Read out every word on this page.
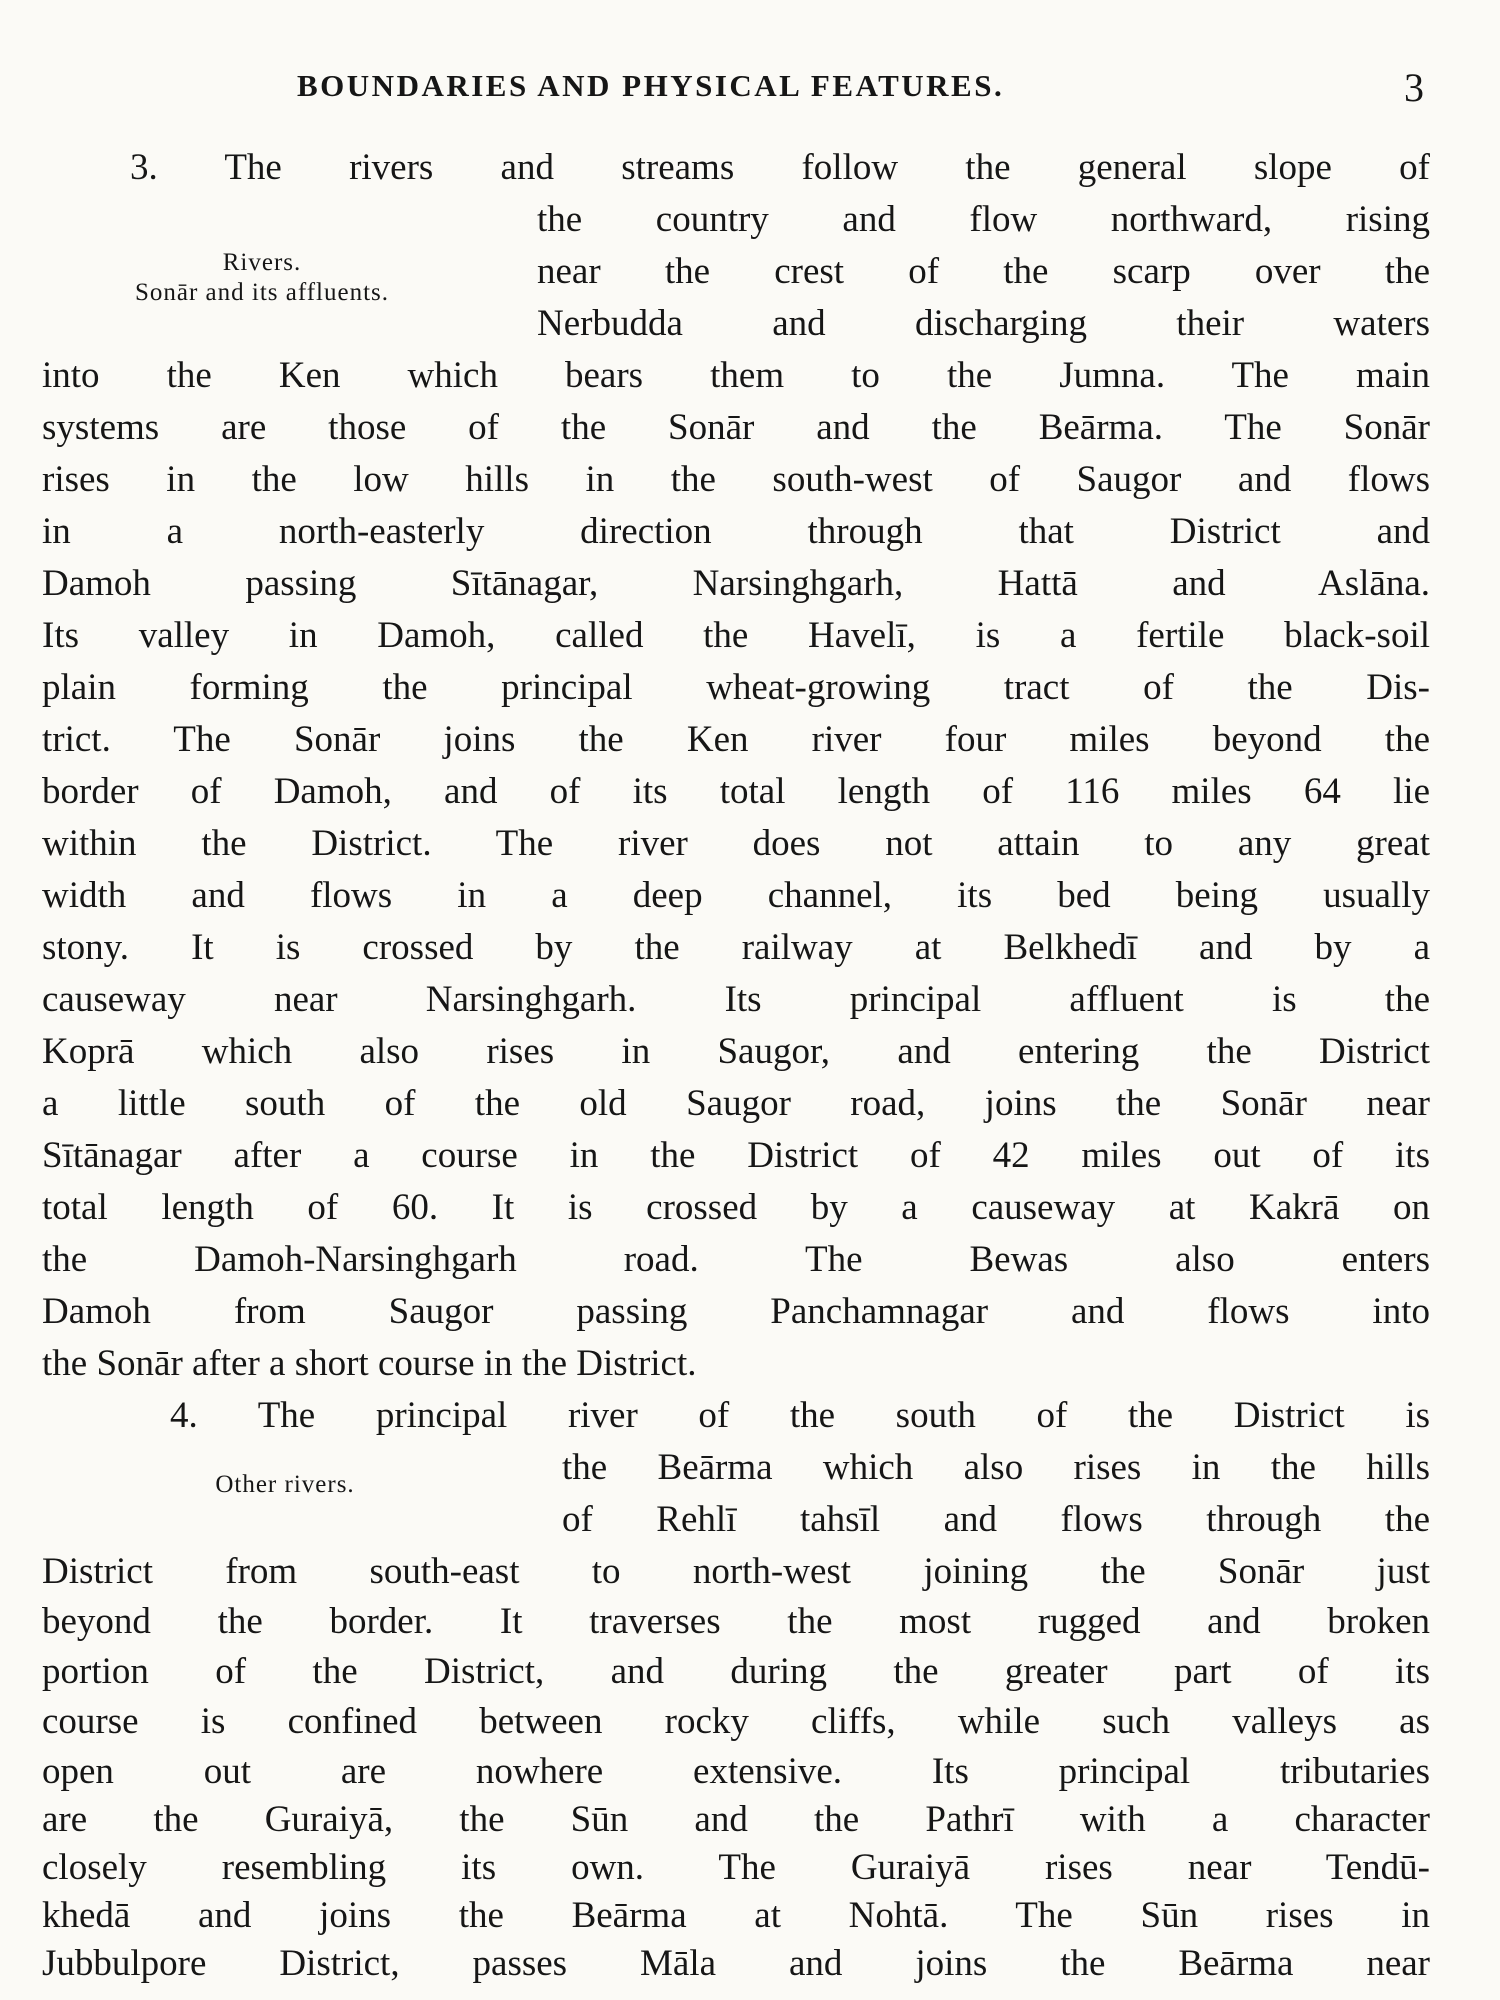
BOUNDARIES AND PHYSICAL FEATURES.	3
Rivers.
Sonār and its affluents.
Other rivers.
3. The rivers and streams follow the general slope of
the country and flow northward, rising
near the crest of the scarp over the
Nerbudda and discharging their waters
into the Ken which bears them to the Jumna. The main
systems are those of the Sonār and the Beārma. The Sonār
rises in the low hills in the south-west of Saugor and flows
in a north-easterly direction through that District and
Damoh passing Sītānagar, Narsinghgarh, Hattā and Aslāna.
Its valley in Damoh, called the Havelī, is a fertile black-soil
plain forming the principal wheat-growing tract of the Dis-
trict. The Sonār joins the Ken river four miles beyond the
border of Damoh, and of its total length of 116 miles 64 lie
within the District. The river does not attain to any great
width and flows in a deep channel, its bed being usually
stony. It is crossed by the railway at Belkhedī and by a
causeway near Narsinghgarh. Its principal affluent is the
Koprā which also rises in Saugor, and entering the District
a little south of the old Saugor road, joins the Sonār near
Sītānagar after a course in the District of 42 miles out of its
total length of 60. It is crossed by a causeway at Kakrā on
the Damoh-Narsinghgarh road. The Bewas also enters
Damoh from Saugor passing Panchamnagar and flows into
the Sonār after a short course in the District.
4. The principal river of the south of the District is
the Beārma which also rises in the hills
of Rehlī tahsīl and flows through the
District from south-east to north-west joining the Sonār just
beyond the border. It traverses the most rugged and broken
portion of the District, and during the greater part of its
course is confined between rocky cliffs, while such valleys as
open out are nowhere extensive. Its principal tributaries
are the Guraiyā, the Sūn and the Pathrī with a character
closely resembling its own. The Guraiyā rises near Tendū-
khedā and joins the Beārma at Nohtā. The Sūn rises in
Jubbulpore District, passes Māla and joins the Beārma near
